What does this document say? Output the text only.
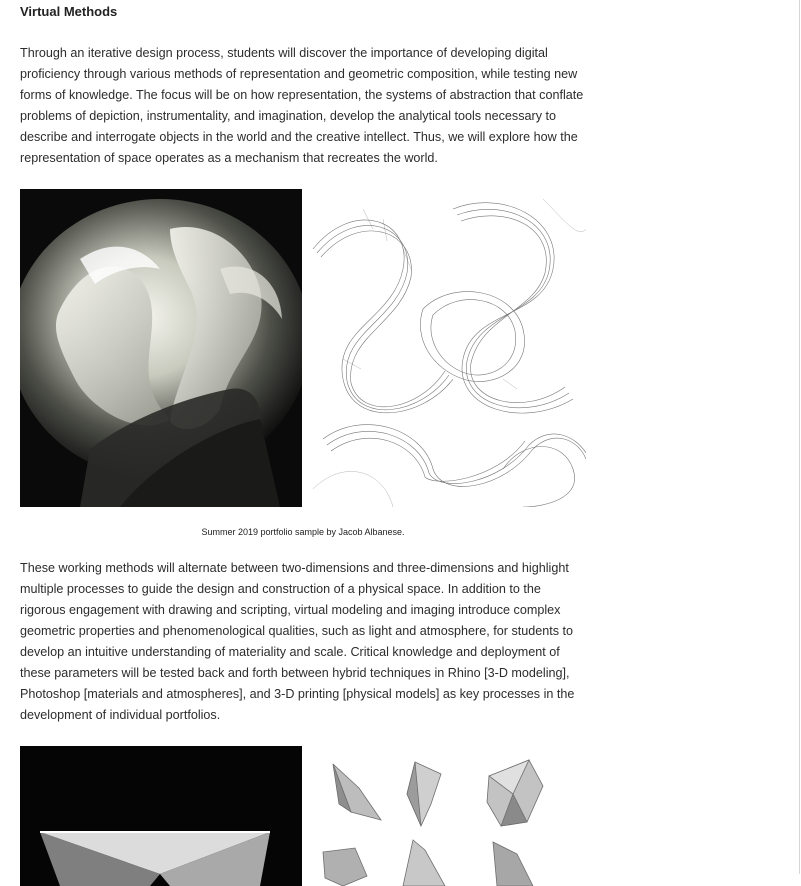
Virtual Methods

Through an iterative design process, students will discover the importance of developing digital proficiency through various methods of representation and geometric composition, while testing new forms of knowledge. The focus will be on how representation, the systems of abstraction that conflate problems of depiction, instrumentality, and imagination, develop the analytical tools necessary to describe and interrogate objects in the world and the creative intellect. Thus, we will explore how the representation of space operates as a mechanism that recreates the world.

Summer 2019 portfolio sample by Jacob Albanese.

These working methods will alternate between two-dimensions and three-dimensions and highlight multiple processes to guide the design and construction of a physical space. In addition to the rigorous engagement with drawing and scripting, virtual modeling and imaging introduce complex geometric properties and phenomenological qualities, such as light and atmosphere, for students to develop an intuitive understanding of materiality and scale. Critical knowledge and deployment of these parameters will be tested back and forth between hybrid techniques in Rhino [3-D modeling], Photoshop [materials and atmospheres], and 3-D printing [physical models] as key processes in the development of individual portfolios.
